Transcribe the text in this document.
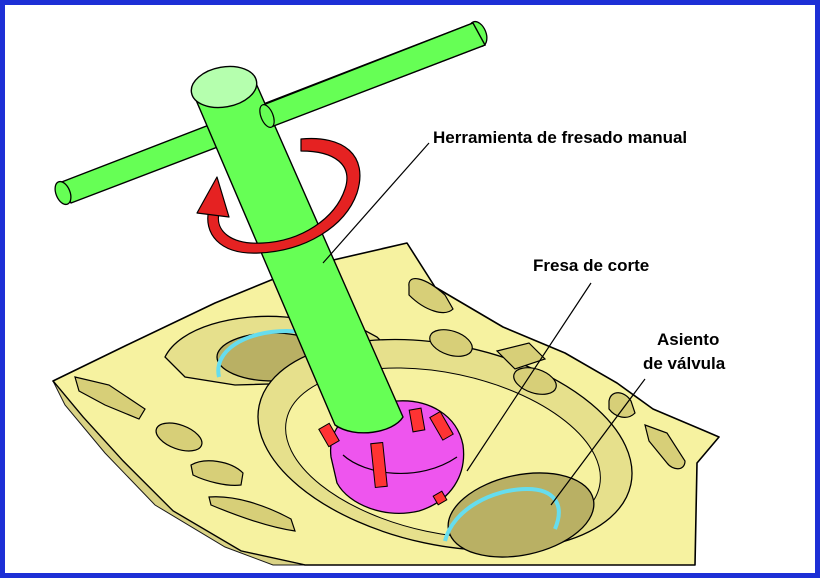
Herramienta de fresado manual
Fresa de corte
Asiento
de válvula
